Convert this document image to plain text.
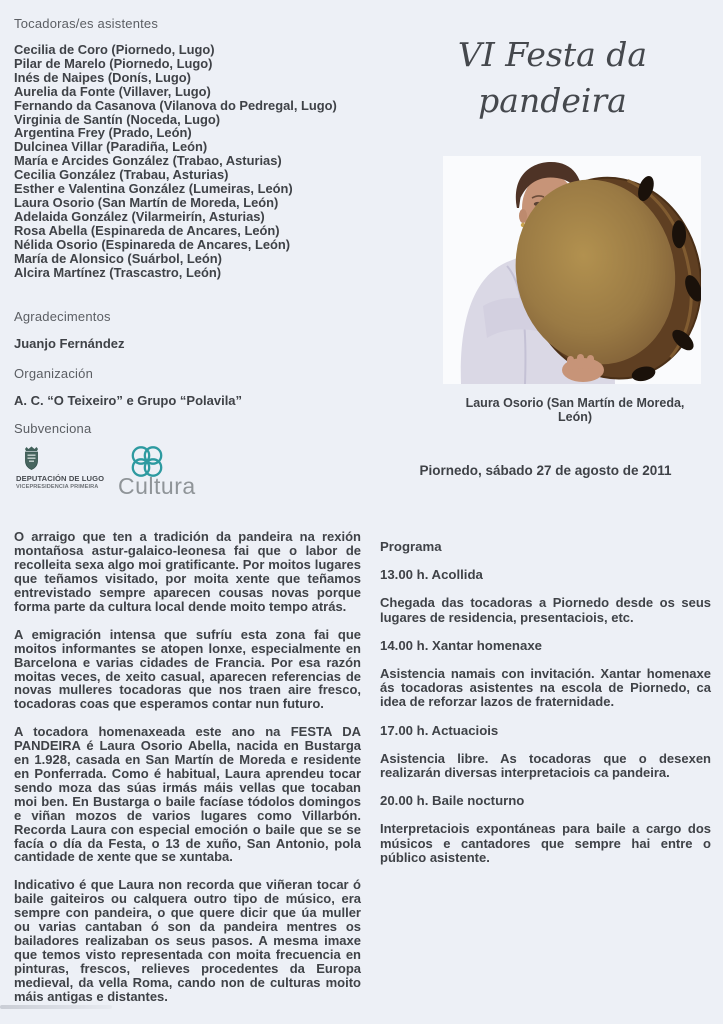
Tocadoras/es asistentes
Cecilia de Coro (Piornedo, Lugo)
Pilar de Marelo (Piornedo, Lugo)
Inés de Naipes (Donís, Lugo)
Aurelia da Fonte (Villaver, Lugo)
Fernando da Casanova (Vilanova do Pedregal, Lugo)
Virginia de Santín (Noceda, Lugo)
Argentina Frey (Prado, León)
Dulcinea Villar (Paradiña, León)
María e Arcides González (Trabao, Asturias)
Cecilia González (Trabau, Asturias)
Esther e Valentina González (Lumeiras, León)
Laura Osorio (San Martín de Moreda, León)
Adelaida González (Vilarmeirín, Asturias)
Rosa Abella (Espinareda de Ancares, León)
Nélida Osorio (Espinareda de Ancares, León)
María de Alonsico (Suárbol, León)
Alcira Martínez (Trascastro, León)
Agradecimentos

Juanjo Fernández

Organización

A. C. “O Teixeiro” e Grupo “Polavila”

Subvenciona
DEPUTACIÓN DE LUGO
VICEPRESIDENCIA PRIMEIRA Cultura

O arraigo que ten a tradición da pandeira na rexión montañosa astur-galaico-leonesa fai que o labor de recolleita sexa algo moi gratificante. Por moitos lugares que teñamos visitado, por moita xente que teñamos entrevistado sempre aparecen cousas novas porque forma parte da cultura local dende moito tempo atrás.

A emigración intensa que sufríu esta zona fai que moitos informantes se atopen lonxe, especialmente en Barcelona e varias cidades de Francia. Por esa razón moitas veces, de xeito casual, aparecen referencias de novas mulleres tocadoras que nos traen aire fresco, tocadoras coas que esperamos contar nun futuro.

A tocadora homenaxeada este ano na FESTA DA PANDEIRA é Laura Osorio Abella, nacida en Bustarga en 1.928, casada en San Martín de Moreda e residente en Ponferrada. Como é habitual, Laura aprendeu tocar sendo moza das súas irmás máis vellas que tocaban moi ben. En Bustarga o baile facíase tódolos domingos e viñan mozos de varios lugares como Villarbón. Recorda Laura con especial emoción o baile que se se facía o día da Festa, o 13 de xuño, San Antonio, pola cantidade de xente que se xuntaba.

Indicativo é que Laura non recorda que viñeran tocar ó baile gaiteiros ou calquera outro tipo de músico, era sempre con pandeira, o que quere dicir que úa muller ou varias cantaban ó son da pandeira mentres os bailadores realizaban os seus pasos. A mesma imaxe que temos visto representada con moita frecuencia en pinturas, frescos, relieves procedentes da Europa medieval, da vella Roma, cando non de culturas moito máis antigas e distantes.

VI Festa da pandeira
Laura Osorio (San Martín de Moreda, León)
Piornedo, sábado 27 de agosto de 2011
Programa

13.00 h. Acollida

Chegada das tocadoras a Piornedo desde os seus lugares de residencia, presentaciois, etc.

14.00 h. Xantar homenaxe

Asistencia namais con invitación. Xantar homenaxe ás tocadoras asistentes na escola de Piornedo, ca idea de reforzar lazos de fraternidade.

17.00 h. Actuaciois

Asistencia libre. As tocadoras que o desexen realizarán diversas interpretaciois ca pandeira.

20.00 h. Baile nocturno

Interpretaciois expontáneas para baile a cargo dos músicos e cantadores que sempre hai entre o público asistente.
